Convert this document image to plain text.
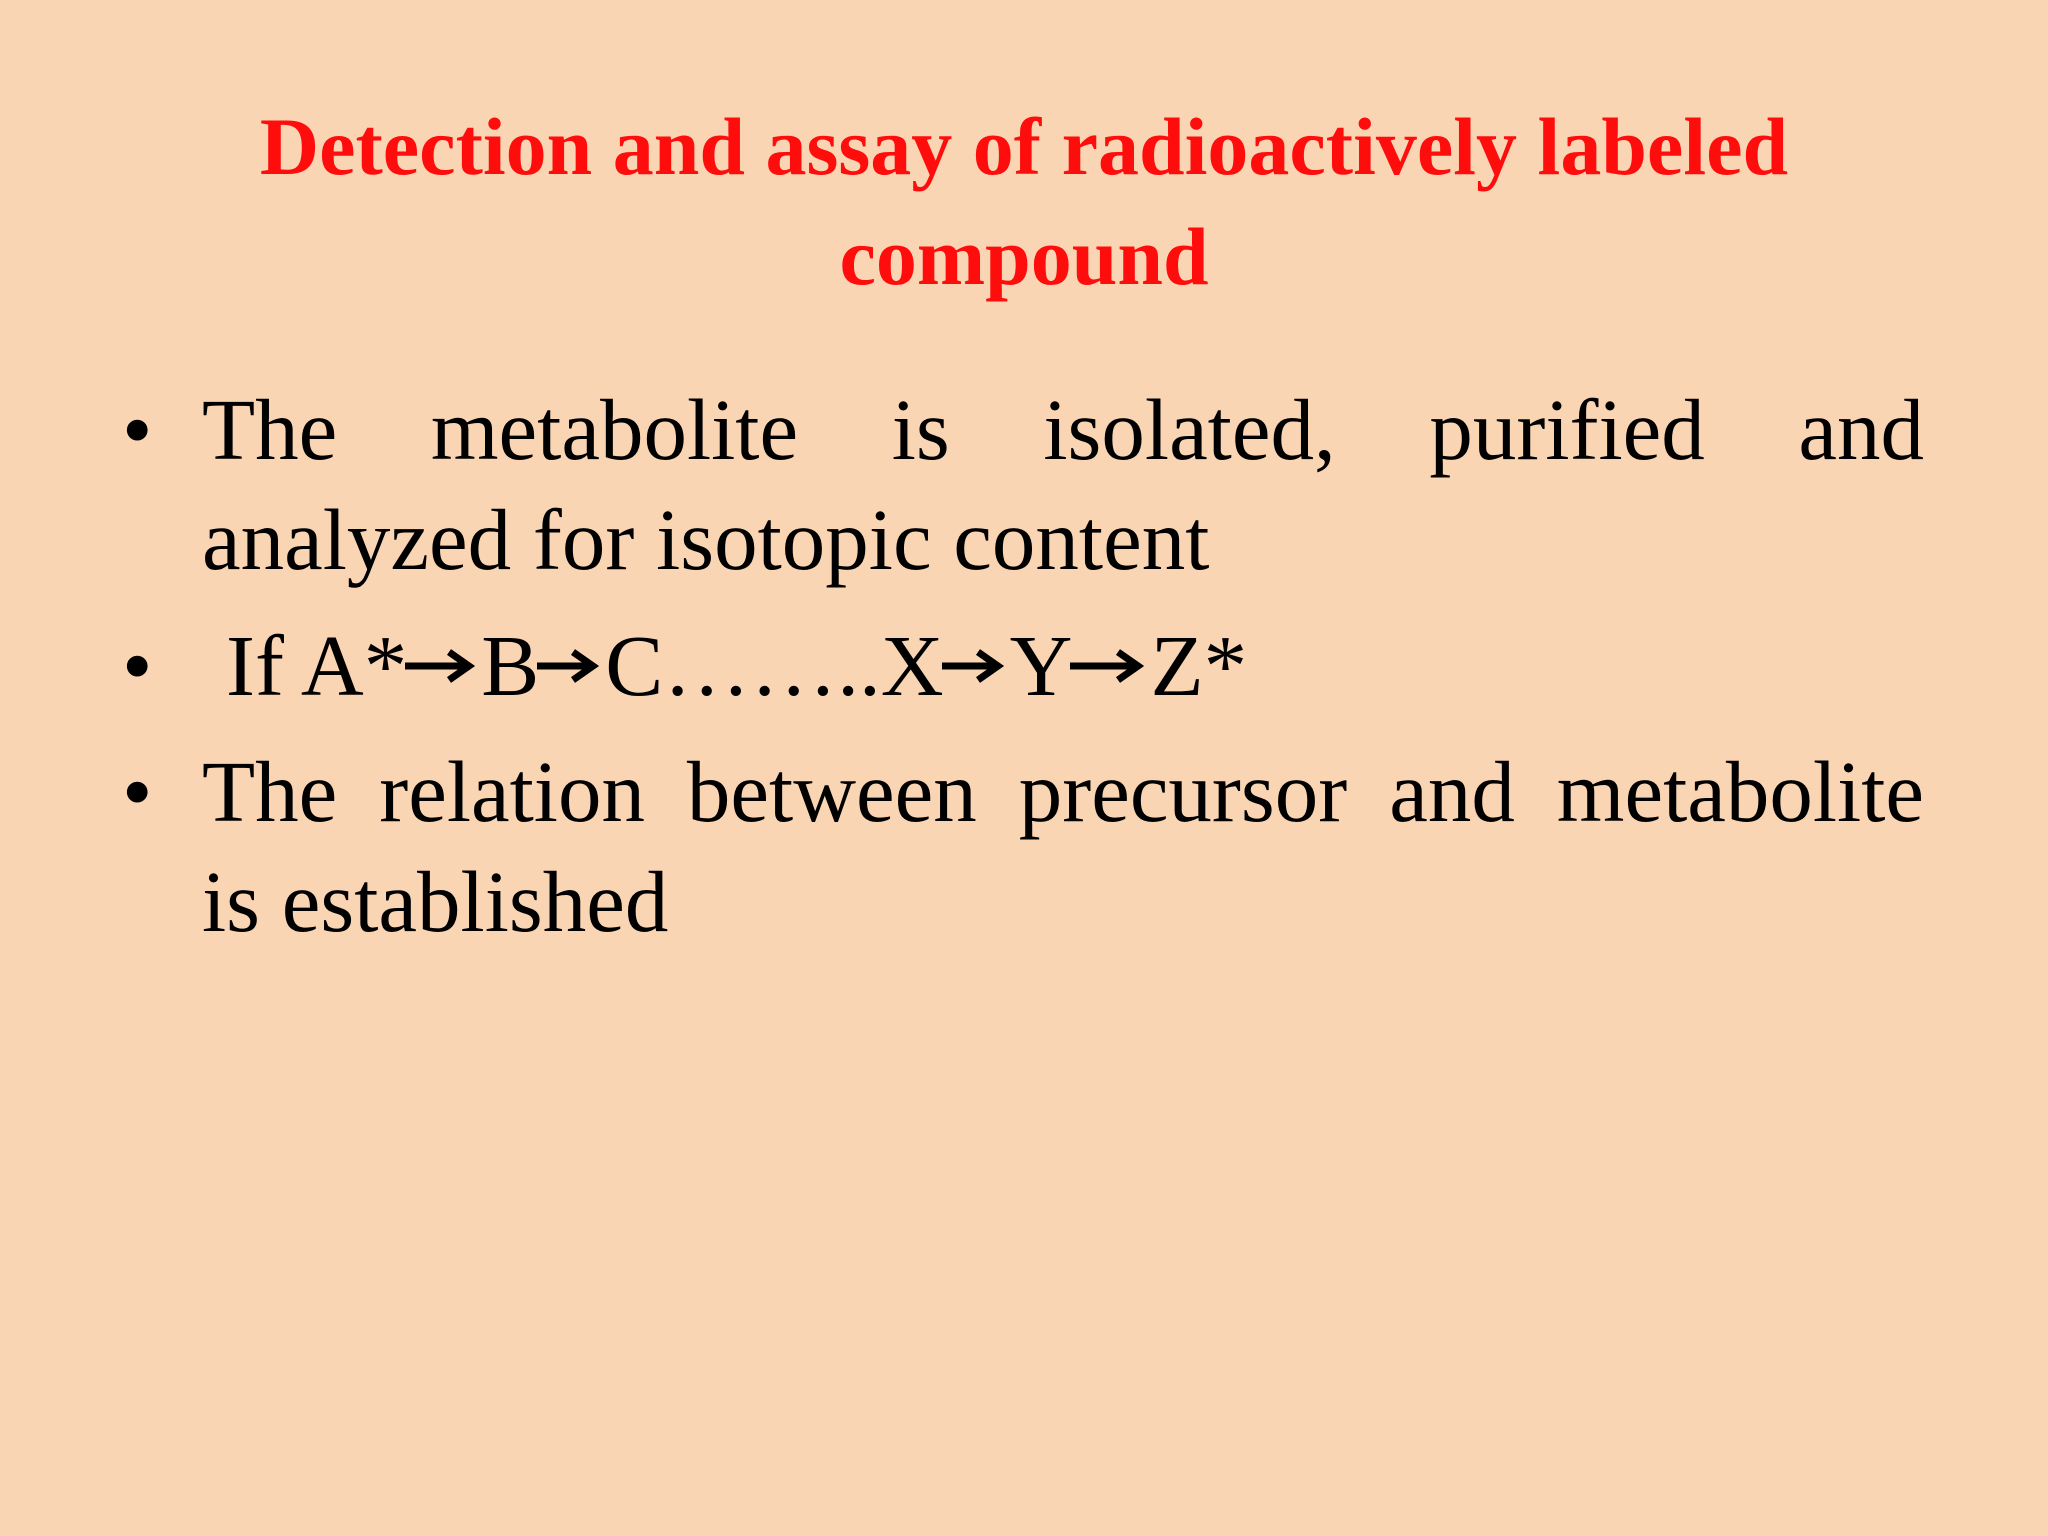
Detection and assay of radioactively labeled
compound
• The metabolite is isolated, purified and
analyzed for isotopic content
• If A* B C……..X Y Z*
• The relation between precursor and metabolite
is established
